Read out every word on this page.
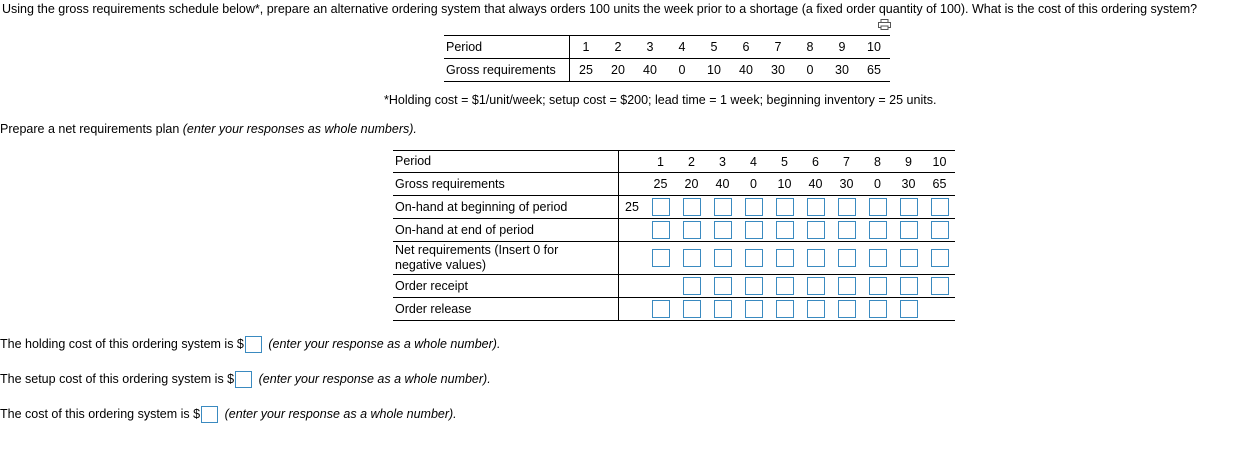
Using the gross requirements schedule below*, prepare an alternative ordering system that always orders 100 units the week prior to a shortage (a fixed order quantity of 100). What is the cost of this ordering system?
Period	1	2	3	4	5	6	7	8	9	10
Gross requirements	25	20	40	0	10	40	30	0	30	65
*Holding cost = $1/unit/week; setup cost = $200; lead time = 1 week; beginning inventory = 25 units.
Prepare a net requirements plan (enter your responses as whole numbers).
Period		1	2	3	4	5	6	7	8	9	10
Gross requirements		25	20	40	0	10	40	30	0	30	65
On-hand at beginning of period	25										
On-hand at end of period											
Net requirements (Insert 0 for
negative values)											
Order receipt											
Order release											
The holding cost of this ordering system is $ (enter your response as a whole number).
The setup cost of this ordering system is $ (enter your response as a whole number).
The cost of this ordering system is $ (enter your response as a whole number).
